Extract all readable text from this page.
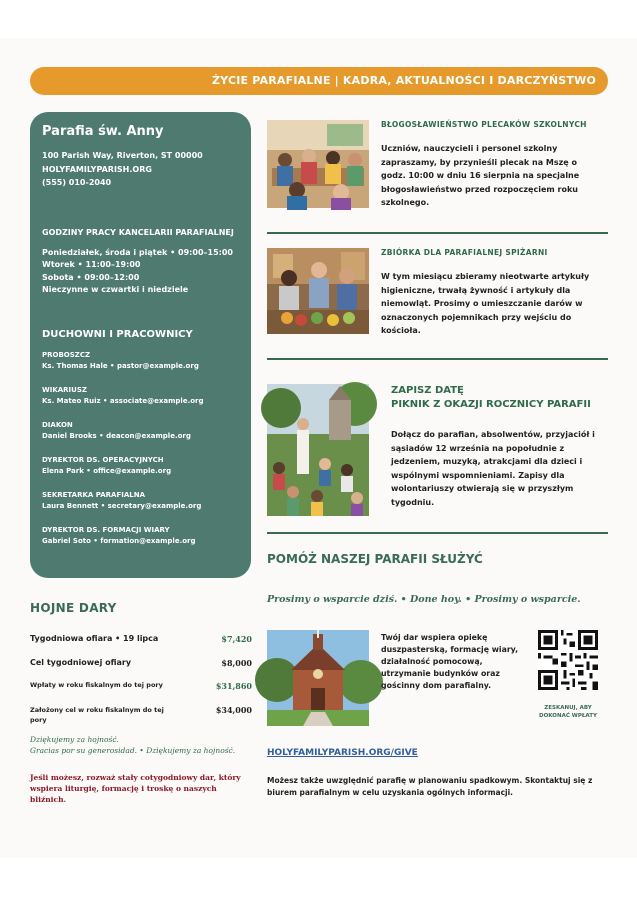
ŻYCIE PARAFIALNE | KADRA, AKTUALNOŚCI I DARCZYŃSTWO
Parafia św. Anny
100 Parish Way, Riverton, ST 00000
HOLYFAMILYPARISH.ORG
(555) 010-2040
GODZINY PRACY KANCELARII PARAFIALNEJ
Poniedziałek, środa i piątek • 09:00–15:00
Wtorek • 11:00–19:00
Sobota • 09:00–12:00
Nieczynne w czwartki i niedziele
DUCHOWNI I PRACOWNICY
PROBOSZCZ
Ks. Thomas Hale • pastor@example.org
WIKARIUSZ
Ks. Mateo Ruiz • associate@example.org
DIAKON
Daniel Brooks • deacon@example.org
DYREKTOR DS. OPERACYJNYCH
Elena Park • office@example.org
SEKRETARKA PARAFIALNA
Laura Bennett • secretary@example.org
DYREKTOR DS. FORMACJI WIARY
Gabriel Soto • formation@example.org
BŁOGOSŁAWIEŃSTWO PLECAKÓW SZKOLNYCH
Uczniów, nauczycieli i personel szkolny zapraszamy, by przynieśli plecak na Mszę o godz. 10:00 w dniu 16 sierpnia na specjalne błogosławieństwo przed rozpoczęciem roku szkolnego.
ZBIÓRKA DLA PARAFIALNEJ SPIŻARNI
W tym miesiącu zbieramy nieotwarte artykuły higieniczne, trwałą żywność i artykuły dla niemowląt. Prosimy o umieszczanie darów w oznaczonych pojemnikach przy wejściu do kościoła.
ZAPISZ DATĘ
PIKNIK Z OKAZJI ROCZNICY PARAFII
Dołącz do parafian, absolwentów, przyjaciół i sąsiadów 12 września na popołudnie z jedzeniem, muzyką, atrakcjami dla dzieci i wspólnymi wspomnieniami. Zapisy dla wolontariuszy otwierają się w przyszłym tygodniu.
POMÓŻ NASZEJ PARAFII SŁUŻYĆ
Prosimy o wsparcie dziś. • Done hoy. • Prosimy o wsparcie.
Twój dar wspiera opiekę duszpasterską, formację wiary, działalność pomocową, utrzymanie budynków oraz gościnny dom parafialny.
ZESKANUJ, ABY DOKONAĆ WPŁATY
HOLYFAMILYPARISH.ORG/GIVE
Możesz także uwzględnić parafię w planowaniu spadkowym. Skontaktuj się z biurem parafialnym w celu uzyskania ogólnych informacji.
HOJNE DARY
Tygodniowa ofiara • 19 lipca	$7,420
Cel tygodniowej ofiary	$8,000
Wpłaty w roku fiskalnym do tej pory	$31,860
Założony cel w roku fiskalnym do tej pory
$34,000
Dziękujemy za hojność.
Gracias por su generosidad. • Dziękujemy za hojność.
Jeśli możesz, rozważ stały cotygodniowy dar, który wspiera liturgię, formację i troskę o naszych bliźnich.
